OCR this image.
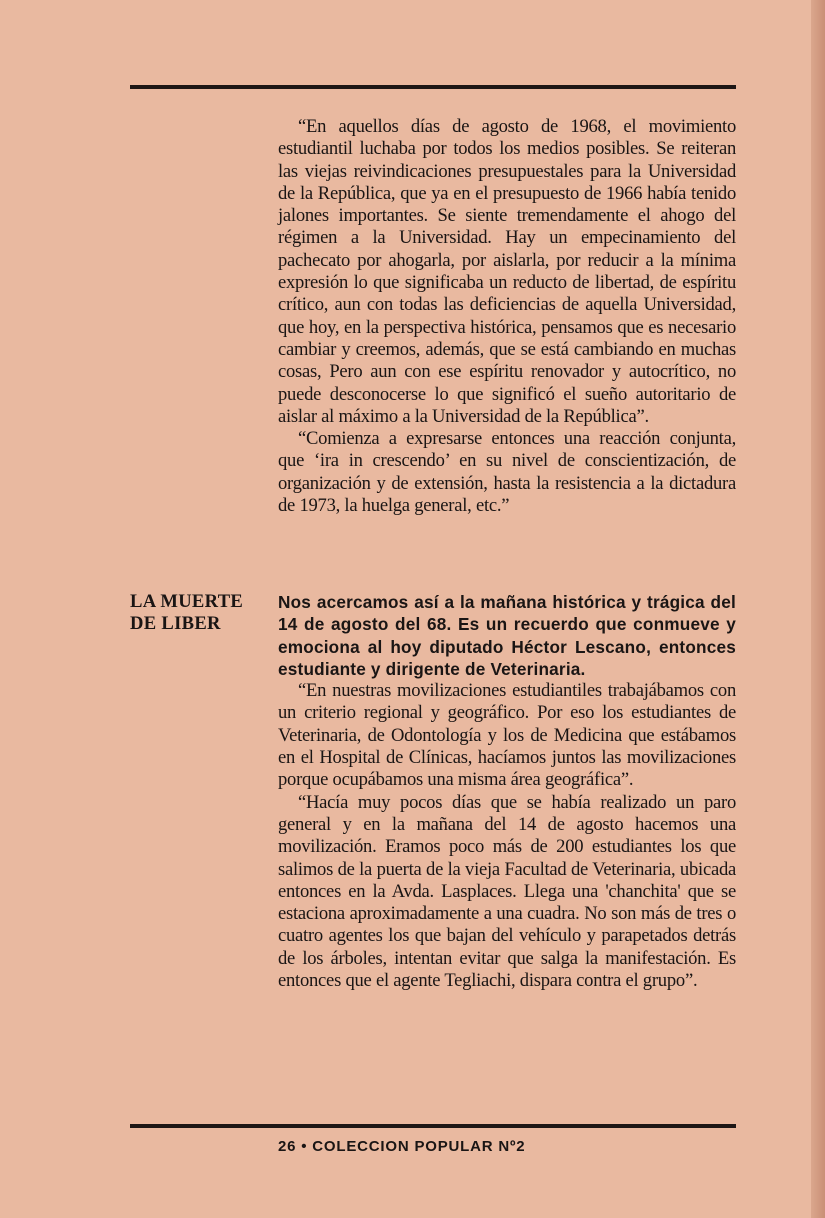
“En aquellos días de agosto de 1968, el movimiento estudiantil luchaba por todos los medios posibles. Se reiteran las viejas reivindicaciones presupuestales para la Universidad de la República, que ya en el presupuesto de 1966 había tenido jalones importantes. Se siente tremendamente el ahogo del régimen a la Universidad. Hay un empecinamiento del pachecato por ahogarla, por aislarla, por reducir a la mínima expresión lo que significaba un reducto de libertad, de espíritu crítico, aun con todas las deficiencias de aquella Universidad, que hoy, en la perspectiva histórica, pensamos que es necesario cambiar y creemos, además, que se está cambiando en muchas cosas, Pero aun con ese espíritu renovador y autocrítico, no puede desconocerse lo que significó el sueño autoritario de aislar al máximo a la Universidad de la República”.

“Comienza a expresarse entonces una reacción conjunta, que ‘ira in crescendo’ en su nivel de conscientización, de organización y de extensión, hasta la resistencia a la dictadura de 1973, la huelga general, etc.”

LA MUERTE
DE LIBER
Nos acercamos así a la mañana histórica y trágica del 14 de agosto del 68. Es un recuerdo que conmueve y emociona al hoy diputado Héctor Lescano, entonces estudiante y dirigente de Veterinaria.

“En nuestras movilizaciones estudiantiles trabajábamos con un criterio regional y geográfico. Por eso los estudiantes de Veterinaria, de Odontología y los de Medicina que estábamos en el Hospital de Clínicas, hacíamos juntos las movilizaciones porque ocupábamos una misma área geográfica”.

“Hacía muy pocos días que se había realizado un paro general y en la mañana del 14 de agosto hacemos una movilización. Eramos poco más de 200 estudiantes los que salimos de la puerta de la vieja Facultad de Veterinaria, ubicada entonces en la Avda. Lasplaces. Llega una 'chanchita' que se estaciona aproximadamente a una cuadra. No son más de tres o cuatro agentes los que bajan del vehículo y parapetados detrás de los árboles, intentan evitar que salga la manifestación. Es entonces que el agente Tegliachi, dispara contra el grupo”.

26 • COLECCION POPULAR Nº2
